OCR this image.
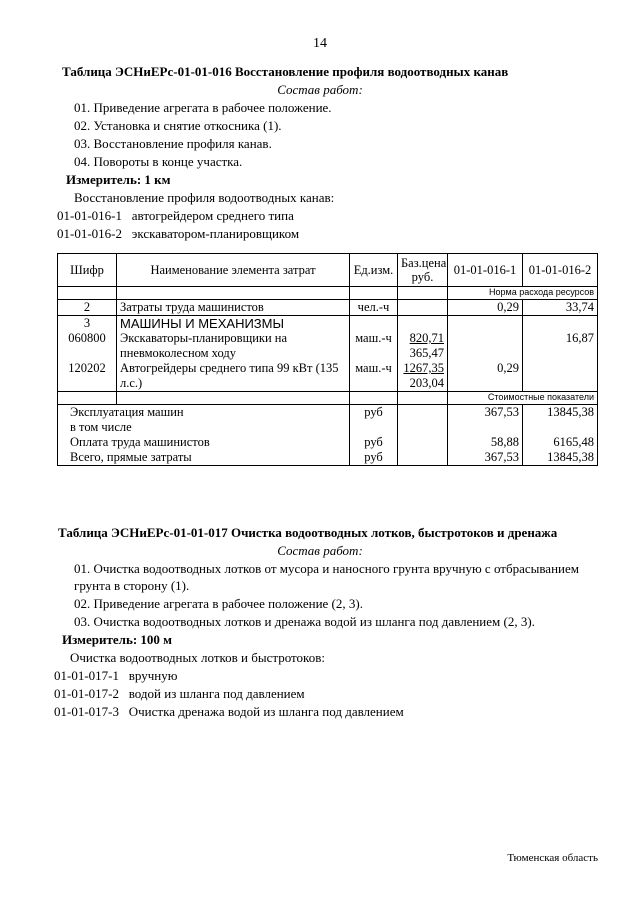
14
Таблица ЭСНиЕРс-01-01-016 Восстановление профиля водоотводных канав
Состав работ:
01. Приведение агрегата в рабочее положение.
02. Установка и снятие откосника (1).
03. Восстановление профиля канав.
04. Повороты в конце участка.
Измеритель: 1 км
Восстановление профиля водоотводных канав:
01-01-016-1 автогрейдером среднего типа
01-01-016-2 экскаватором-планировщиком
Шифр	Наименование элемента затрат	Ед.изм.	Баз.цена руб.	01-01-016-1	01-01-016-2
				Норма расхода ресурсов	
2	Затраты труда машинистов	чел.-ч		0,29	33,74
3	МАШИНЫ И МЕХАНИЗМЫ				
060800	Экскаваторы-планировщики на	маш.-ч	820,71		16,87
	пневмоколесном ходу		365,47		
120202	Автогрейдеры среднего типа 99 кВт (135	маш.-ч	1267,35	0,29	
	л.с.)		203,04		
				Стоимостные показатели	
Эксплуатация машин		руб		367,53	13845,38
в том числе					
Оплата труда машинистов		руб		58,88	6165,48
Всего, прямые затраты		руб		367,53	13845,38
Таблица ЭСНиЕРс-01-01-017 Очистка водоотводных лотков, быстротоков и дренажа
Состав работ:
01. Очистка водоотводных лотков от мусора и наносного грунта вручную с отбрасыванием
грунта в сторону (1).
02. Приведение агрегата в рабочее положение (2, 3).
03. Очистка водоотводных лотков и дренажа водой из шланга под давлением (2, 3).
Измеритель: 100 м
Очистка водоотводных лотков и быстротоков:
01-01-017-1 вручную
01-01-017-2 водой из шланга под давлением
01-01-017-3 Очистка дренажа водой из шланга под давлением
Тюменская область
